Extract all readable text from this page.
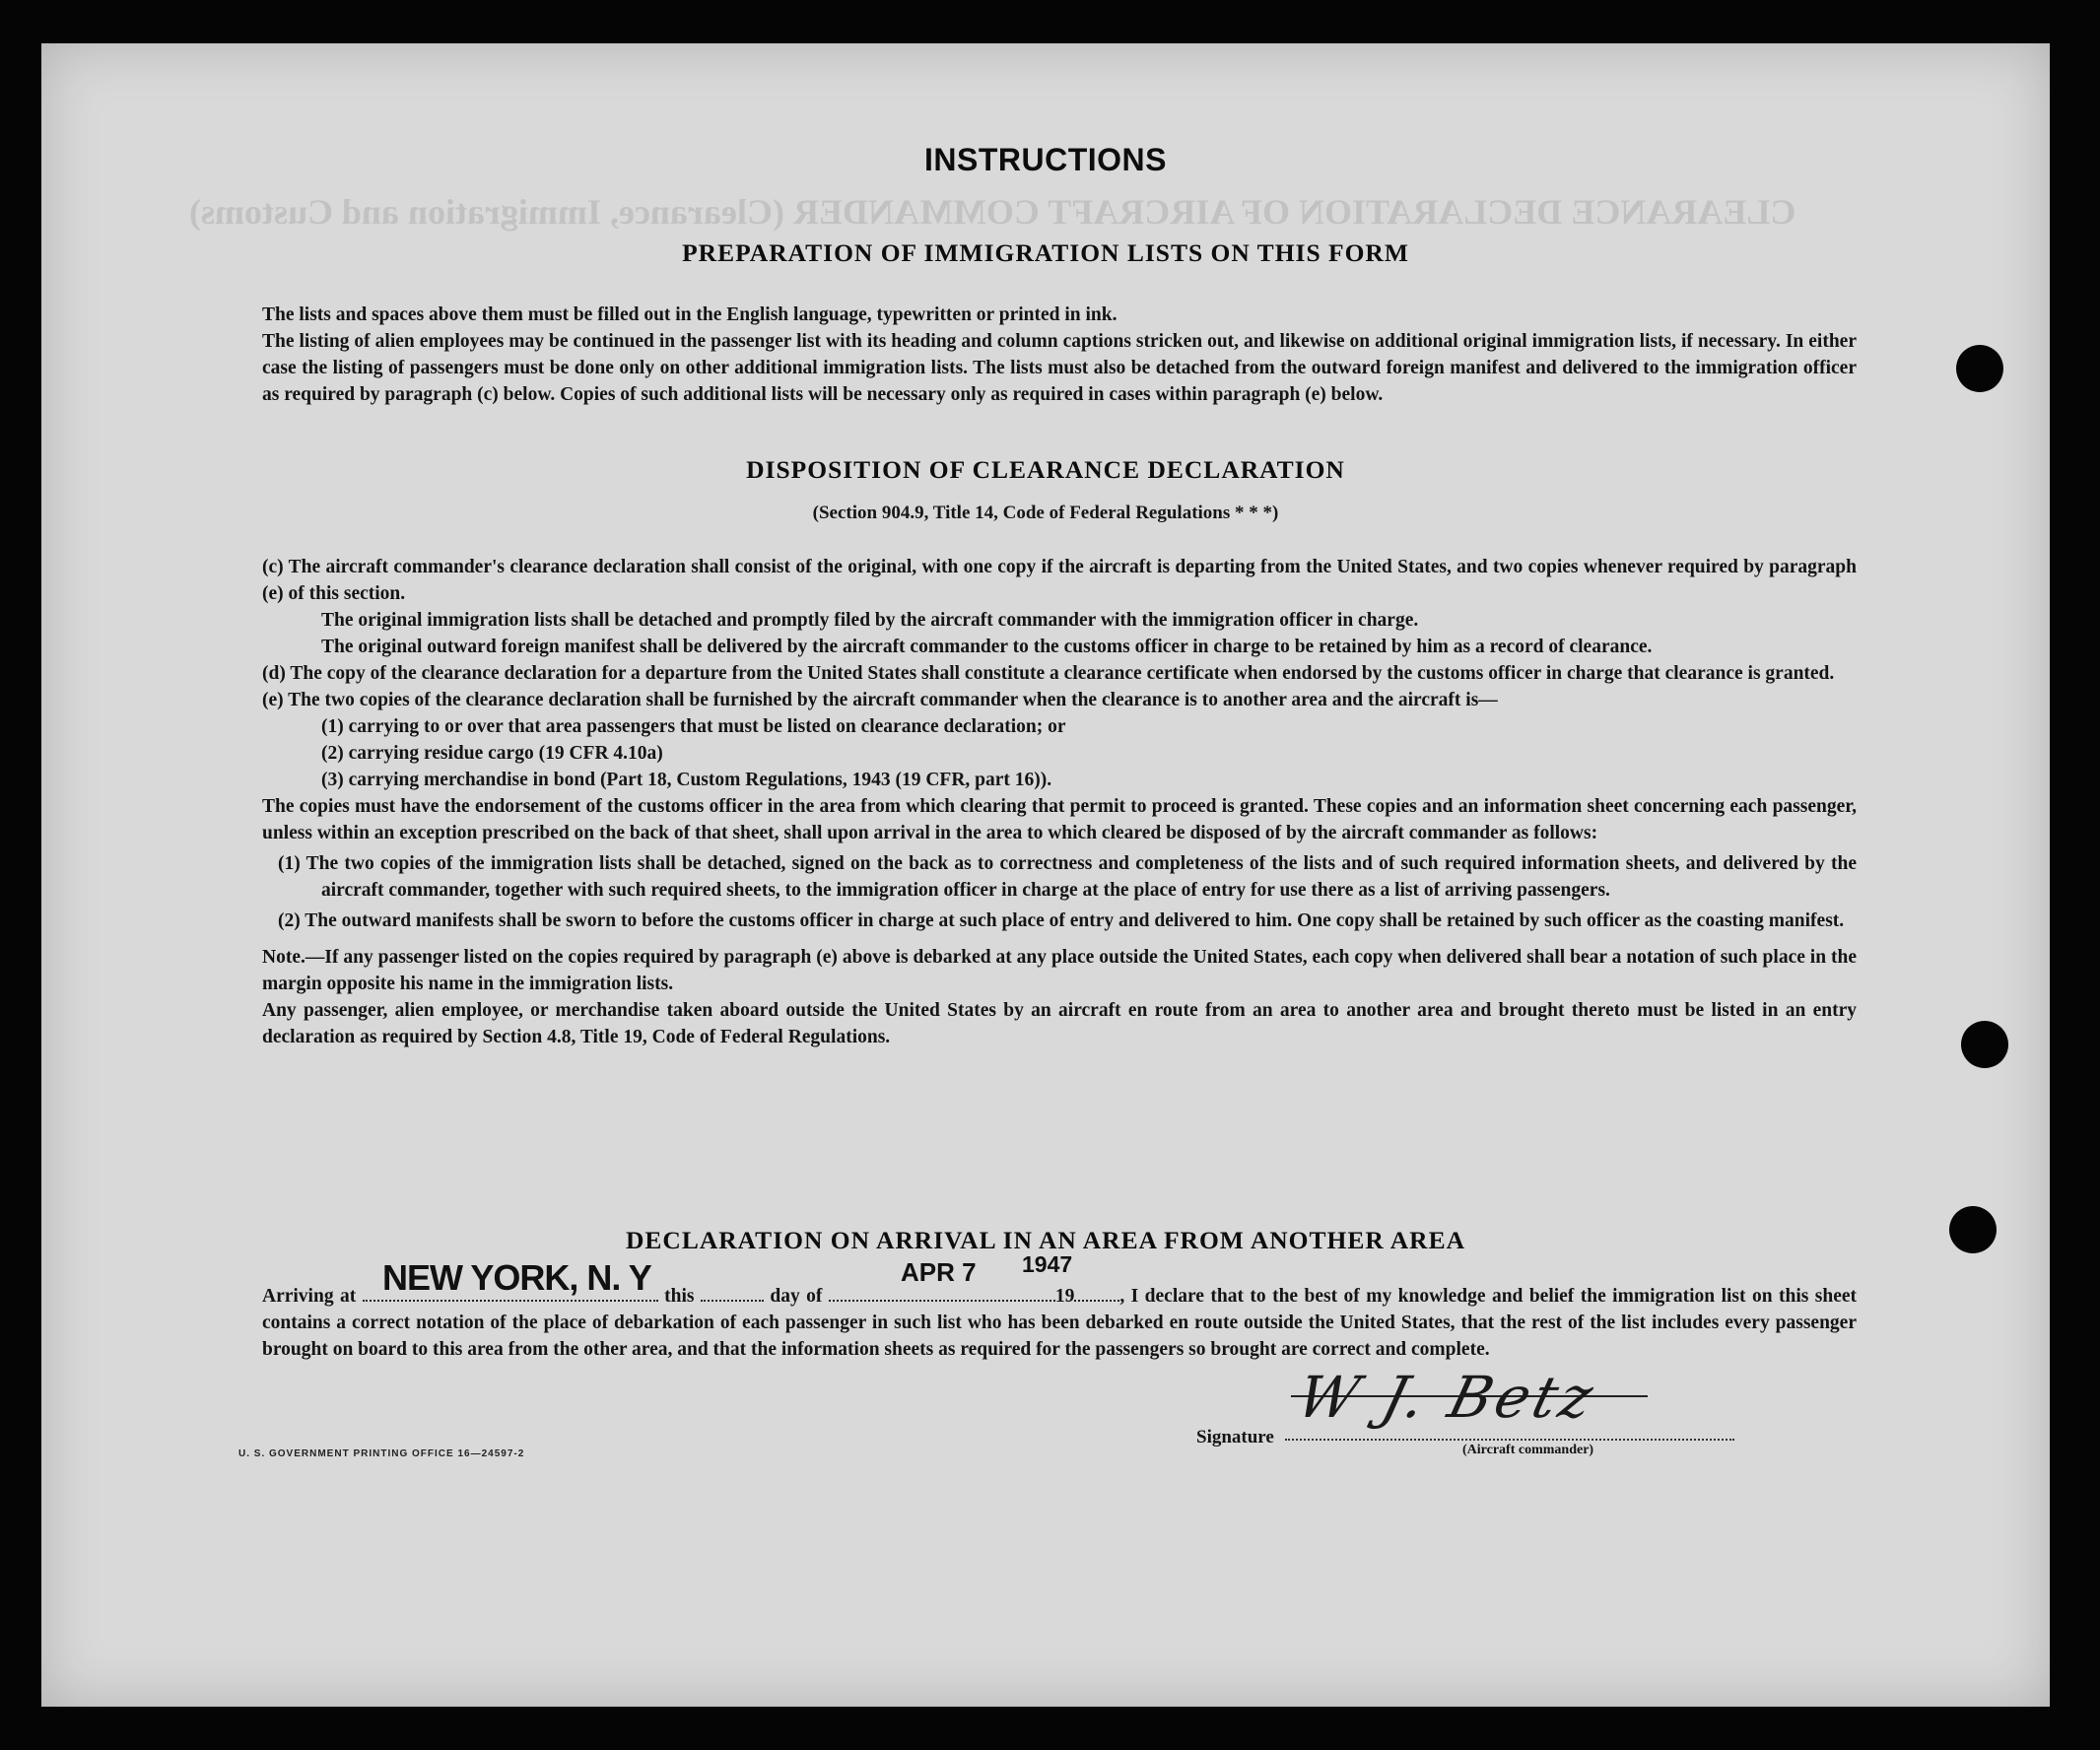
CLEARANCE DECLARATION OF AIRCRAFT COMMANDER (Clearance, Immigration and Customs)
INSTRUCTIONS
PREPARATION OF IMMIGRATION LISTS ON THIS FORM
The lists and spaces above them must be filled out in the English language, typewritten or printed in ink.
The listing of alien employees may be continued in the passenger list with its heading and column captions stricken out, and likewise on additional original immigration lists, if necessary. In either case the listing of passengers must be done only on other additional immigration lists. The lists must also be detached from the outward foreign manifest and delivered to the immigration officer as required by paragraph (c) below. Copies of such additional lists will be necessary only as required in cases within paragraph (e) below.
DISPOSITION OF CLEARANCE DECLARATION
(Section 904.9, Title 14, Code of Federal Regulations * * *)
(c) The aircraft commander's clearance declaration shall consist of the original, with one copy if the aircraft is departing from the United States, and two copies whenever required by paragraph (e) of this section.
The original immigration lists shall be detached and promptly filed by the aircraft commander with the immigration officer in charge.
The original outward foreign manifest shall be delivered by the aircraft commander to the customs officer in charge to be retained by him as a record of clearance.
(d) The copy of the clearance declaration for a departure from the United States shall constitute a clearance certificate when endorsed by the customs officer in charge that clearance is granted.
(e) The two copies of the clearance declaration shall be furnished by the aircraft commander when the clearance is to another area and the aircraft is—
(1) carrying to or over that area passengers that must be listed on clearance declaration; or
(2) carrying residue cargo (19 CFR 4.10a)
(3) carrying merchandise in bond (Part 18, Custom Regulations, 1943 (19 CFR, part 16)).
The copies must have the endorsement of the customs officer in the area from which clearing that permit to proceed is granted. These copies and an information sheet concerning each passenger, unless within an exception prescribed on the back of that sheet, shall upon arrival in the area to which cleared be disposed of by the aircraft commander as follows:
(1) The two copies of the immigration lists shall be detached, signed on the back as to correctness and completeness of the lists and of such required information sheets, and delivered by the aircraft commander, together with such required sheets, to the immigration officer in charge at the place of entry for use there as a list of arriving passengers.
(2) The outward manifests shall be sworn to before the customs officer in charge at such place of entry and delivered to him. One copy shall be retained by such officer as the coasting manifest.
Note.—If any passenger listed on the copies required by paragraph (e) above is debarked at any place outside the United States, each copy when delivered shall bear a notation of such place in the margin opposite his name in the immigration lists.
Any passenger, alien employee, or merchandise taken aboard outside the United States by an aircraft en route from an area to another area and brought thereto must be listed in an entry declaration as required by Section 4.8, Title 19, Code of Federal Regulations.
DECLARATION ON ARRIVAL IN AN AREA FROM ANOTHER AREA
NEW YORK, N. Y	APR 7 1947
Arriving at	this	day of	19 , I declare that to the best of my knowledge and belief the immigration list on this sheet contains a correct notation of the place of debarkation of each passenger in such list who has been debarked en route outside the United States, that the rest of the list includes every passenger brought on board to this area from the other area, and that the information sheets as required for the passengers so brought are correct and complete.
Signature
W J. Betz
(Aircraft commander)
U. S. GOVERNMENT PRINTING OFFICE 16—24597-2
